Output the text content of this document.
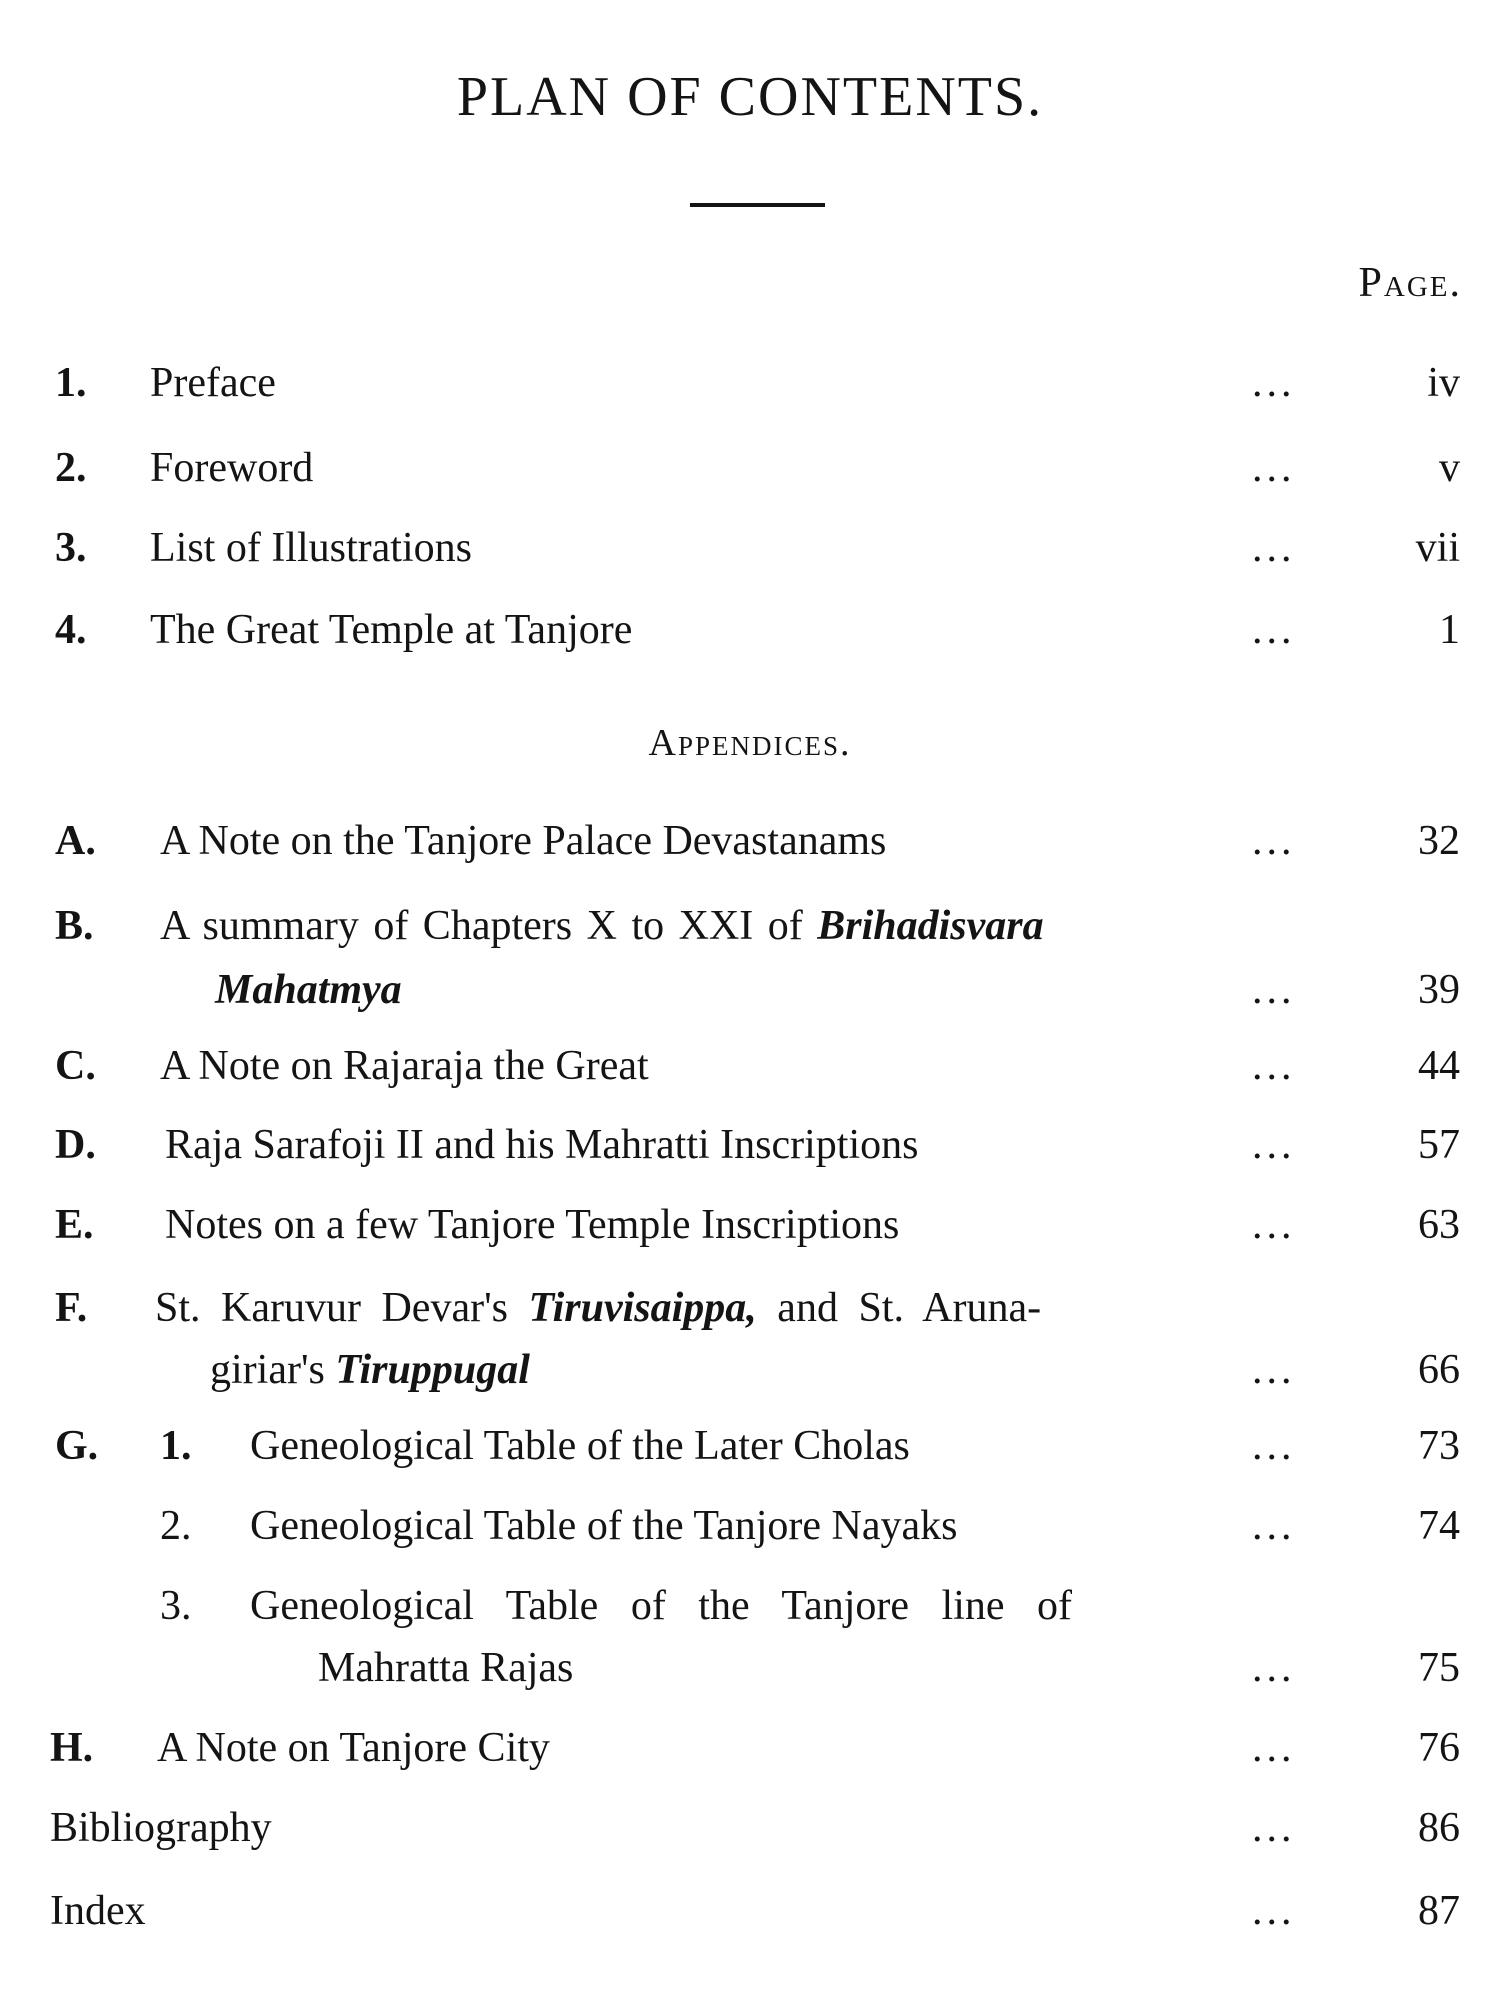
PLAN OF CONTENTS.
Page.
1. Preface	...	iv
2. Foreword	...	v
3. List of Illustrations	...	vii
4. The Great Temple at Tanjore	...	1
Appendices.
A. A Note on the Tanjore Palace Devastanams	...	32
B. A summary of Chapters X to XXI of Brihadisvara
Mahatmya	...	39
C. A Note on Rajaraja the Great	...	44
D. Raja Sarafoji II and his Mahratti Inscriptions	...	57
E. Notes on a few Tanjore Temple Inscriptions	...	63
F. St. Karuvur Devar's Tiruvisaippa, and St. Aruna-
giriar's Tiruppugal	...	66
G. 1. Geneological Table of the Later Cholas	...	73
2. Geneological Table of the Tanjore Nayaks	...	74
3. Geneological Table of the Tanjore line of
Mahratta Rajas	...	75
H. A Note on Tanjore City	...	76
Bibliography	...	86
Index	...	87
